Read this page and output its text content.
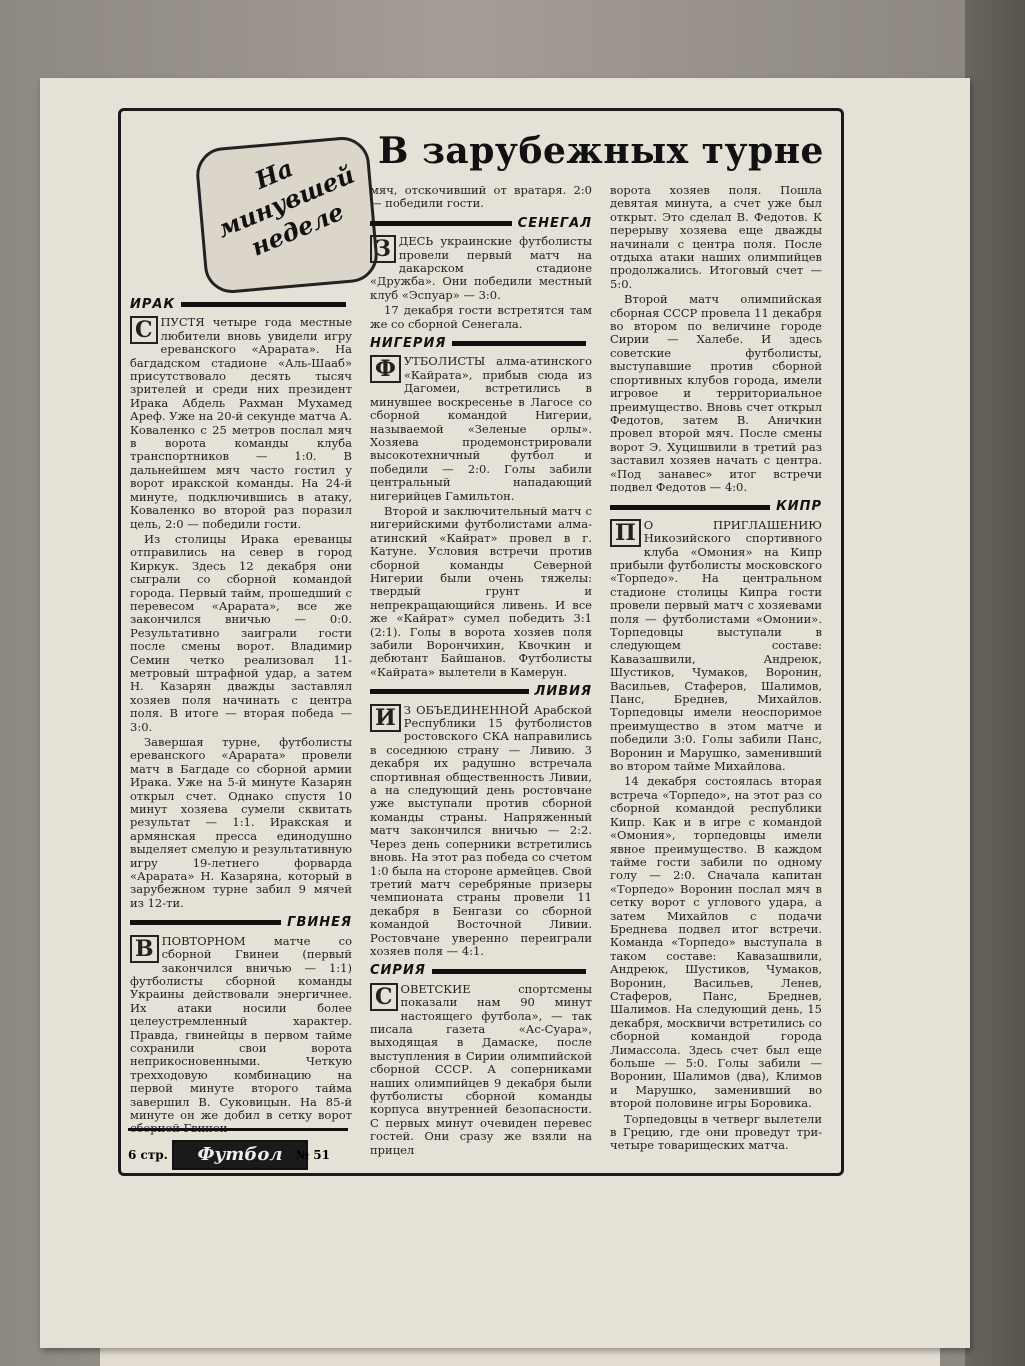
На минувшей неделе
В зарубежных турне
ИРАК

С ПУСТЯ четыре года местные любители вновь увидели игру ереванского «Арарата». На багдадском стадионе «Аль-Шааб» присутствовало десять тысяч зрителей и среди них президент Ирака Абдель Рахман Мухамед Ареф. Уже на 20-й секунде матча А. Коваленко с 25 метров послал мяч в ворота команды клуба транспортников — 1:0. В дальнейшем мяч часто гостил у ворот иракской команды. На 24-й минуте, подключившись в атаку, Коваленко во второй раз поразил цель, 2:0 — победили гости.

Из столицы Ирака ереванцы отправились на север в город Киркук. Здесь 12 декабря они сыграли со сборной командой города. Первый тайм, прошедший с перевесом «Арарата», все же закончился вничью — 0:0. Результативно заиграли гости после смены ворот. Владимир Семин четко реализовал 11-метровый штрафной удар, а затем Н. Казарян дважды заставлял хозяев поля начинать с центра поля. В итоге — вторая победа — 3:0.

Завершая турне, футболисты ереванского «Арарата» провели матч в Багдаде со сборной армии Ирака. Уже на 5-й минуте Казарян открыл счет. Однако спустя 10 минут хозяева сумели сквитать результат — 1:1. Иракская и армянская пресса единодушно выделяет смелую и результативную игру 19-летнего форварда «Арарата» Н. Казаряна, который в зарубежном турне забил 9 мячей из 12-ти.

ГВИНЕЯ

В ПОВТОРНОМ матче со сборной Гвинеи (первый закончился вничью — 1:1) футболисты сборной команды Украины действовали энергичнее. Их атаки носили более целеустремленный характер. Правда, гвинейцы в первом тайме сохранили свои ворота неприкосновенными. Четкую трехходовую комбинацию на первой минуте второго тайма завершил В. Суковицын. На 85-й минуте он же добил в сетку ворот

мяч, отскочивший от вратаря. 2:0 — победили гости.

СЕНЕГАЛ

З ДЕСЬ украинские футболисты провели первый матч на дакарском стадионе «Дружба». Они победили местный клуб «Эспуар» — 3:0.

17 декабря гости встретятся там же со сборной Сенегала.

НИГЕРИЯ

Ф УТБОЛИСТЫ алма-атинского «Кайрата», прибыв сюда из Дагомеи, встретились в минувшее воскресенье в Лагосе со сборной командой Нигерии, называемой «Зеленые орлы». Хозяева продемонстрировали высокотехничный футбол и победили — 2:0. Голы забили центральный нападающий нигерийцев Гамильтон.

Второй и заключительный матч с нигерийскими футболистами алма-атинский «Кайрат» провел в г. Катуне. Условия встречи против сборной команды Северной Нигерии были очень тяжелы: твердый грунт и непрекращающийся ливень. И все же «Кайрат» сумел победить 3:1 (2:1). Голы в ворота хозяев поля забили Ворончихин, Квочкин и дебютант Байшанов. Футболисты «Кайрата» вылетели в Камерун.

ЛИВИЯ

И З ОБЪЕДИНЕННОЙ Арабской Республики 15 футболистов ростовского СКА направились в соседнюю страну — Ливию. 3 декабря их радушно встречала спортивная общественность Ливии, а на следующий день ростовчане уже выступали против сборной команды страны. Напряженный матч закончился вничью — 2:2. Через день соперники встретились вновь. На этот раз победа со счетом 1:0 была на стороне армейцев. Свой третий матч серебряные призеры чемпионата страны провели 11 декабря в Бенгази со сборной командой Восточной Ливии. Ростовчане уверенно переиграли хозяев поля — 4:1.

СИРИЯ

С ОВЕТСКИЕ спортсмены показали нам 90 минут настоящего футбола», — так писала газета «Ас-Суара», выходящая в Дамаске, после выступления в Сирии олимпийской сборной СССР. А соперниками наших олимпийцев 9 декабря были футболисты сборной команды корпуса внутренней безопасности. С первых минут очевиден перевес гостей. Они сразу же взяли на прицел

ворота хозяев поля. Пошла девятая минута, а счет уже был открыт. Это сделал В. Федотов. К перерыву хозяева еще дважды начинали с центра поля. После отдыха атаки наших олимпийцев продолжались. Итоговый счет — 5:0.

Второй матч олимпийская сборная СССР провела 11 декабря во втором по величине городе Сирии — Халебе. И здесь советские футболисты, выступавшие против сборной спортивных клубов города, имели игровое и территориальное преимущество. Вновь счет открыл Федотов, затем В. Аничкин провел второй мяч. После смены ворот Э. Хуцишвили в третий раз заставил хозяев начать с центра. «Под занавес» итог встречи подвел Федотов — 4:0.

КИПР

П О ПРИГЛАШЕНИЮ Никозийского спортивного клуба «Омония» на Кипр прибыли футболисты московского «Торпедо». На центральном стадионе столицы Кипра гости провели первый матч с хозяевами поля — футболистами «Омонии». Торпедовцы выступали в следующем составе: Кавазашвили, Андреюк, Шустиков, Чумаков, Воронин, Васильев, Стаферов, Шалимов, Панс, Бреднев, Михайлов. Торпедовцы имели неоспоримое преимущество в этом матче и победили 3:0. Голы забили Панс, Воронин и Марушко, заменивший во втором тайме Михайлова.

14 декабря состоялась вторая встреча «Торпедо», на этот раз со сборной командой республики Кипр. Как и в игре с командой «Омония», торпедовцы имели явное преимущество. В каждом тайме гости забили по одному голу — 2:0. Сначала капитан «Торпедо» Воронин послал мяч в сетку ворот с углового удара, а затем Михайлов с подачи Бреднева подвел итог встречи. Команда «Торпедо» выступала в таком составе: Кавазашвили, Андреюк, Шустиков, Чумаков, Воронин, Васильев, Ленев, Стаферов, Панс, Бреднев, Шалимов. На следующий день, 15 декабря, москвичи встретились со сборной командой города Лимассола. Здесь счет был еще больше — 5:0. Голы забили — Воронин, Шалимов (два), Климов и Марушко, заменивший во второй половине игры Боровика.

Торпедовцы в четверг вылетели в Грецию, где они проведут три-четыре товарищеских матча.

6 стр.	Футбол	№ 51
